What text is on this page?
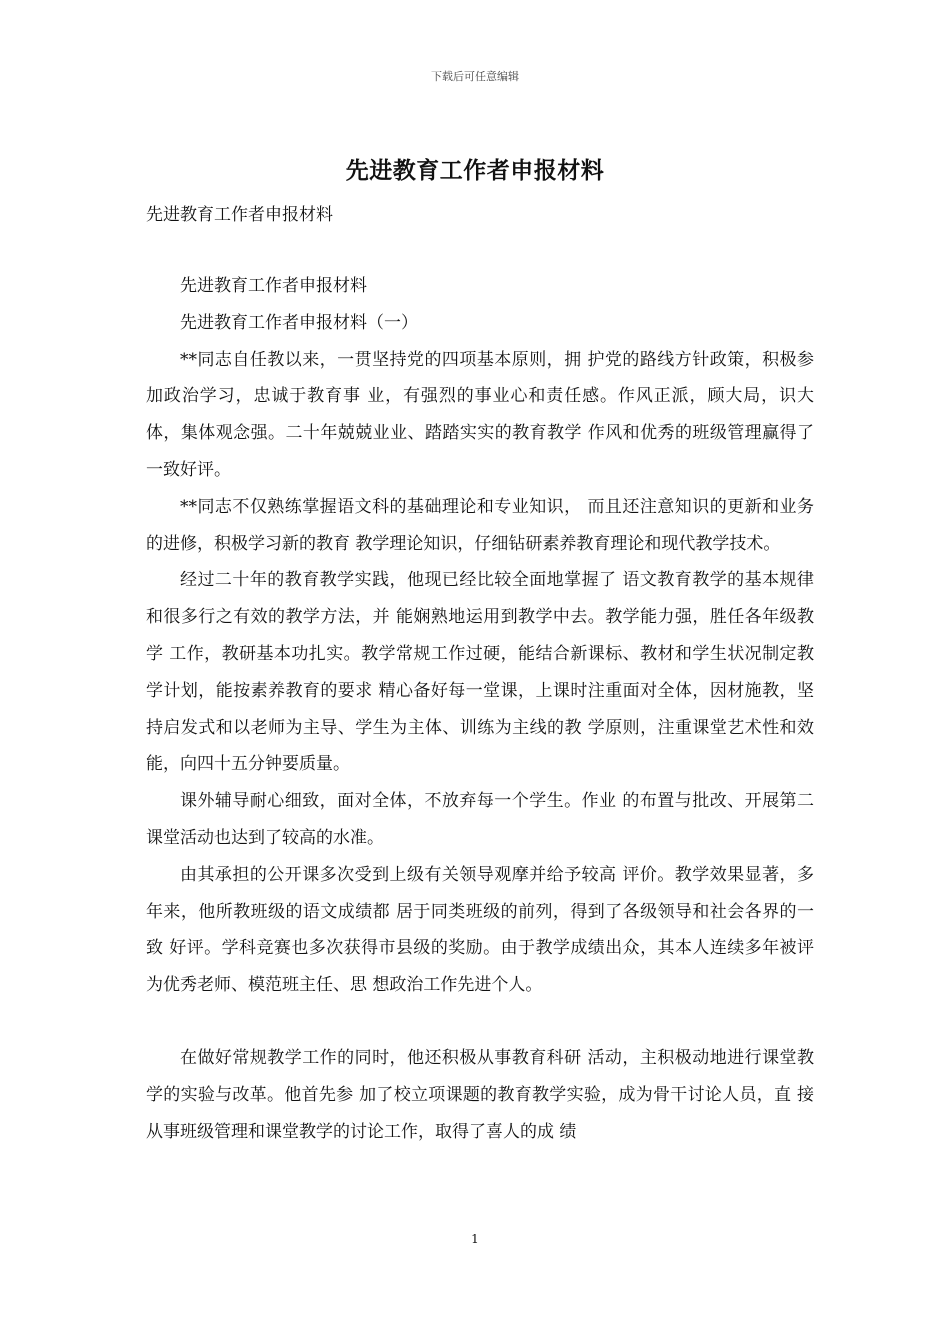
下载后可任意编辑
先进教育工作者申报材料
先进教育工作者申报材料

先进教育工作者申报材料

先进教育工作者申报材料（一）

**同志自任教以来，一贯坚持党的四项基本原则，拥 护党的路线方针政策，积极参加政治学习，忠诚于教育事 业，有强烈的事业心和责任感。作风正派，顾大局，识大 体，集体观念强。二十年兢兢业业、踏踏实实的教育教学 作风和优秀的班级管理赢得了一致好评。

**同志不仅熟练掌握语文科的基础理论和专业知识， 而且还注意知识的更新和业务的进修，积极学习新的教育 教学理论知识，仔细钻研素养教育理论和现代教学技术。

经过二十年的教育教学实践，他现已经比较全面地掌握了 语文教育教学的基本规律和很多行之有效的教学方法，并 能娴熟地运用到教学中去。教学能力强，胜任各年级教学 工作，教研基本功扎实。教学常规工作过硬，能结合新课标、教材和学生状况制定教学计划，能按素养教育的要求 精心备好每一堂课，上课时注重面对全体，因材施教，坚 持启发式和以老师为主导、学生为主体、训练为主线的教 学原则，注重课堂艺术性和效能，向四十五分钟要质量。

课外辅导耐心细致，面对全体，不放弃每一个学生。作业 的布置与批改、开展第二课堂活动也达到了较高的水准。

由其承担的公开课多次受到上级有关领导观摩并给予较高 评价。教学效果显著，多年来，他所教班级的语文成绩都 居于同类班级的前列，得到了各级领导和社会各界的一致 好评。学科竞赛也多次获得市县级的奖励。由于教学成绩出众，其本人连续多年被评为优秀老师、模范班主任、思 想政治工作先进个人。

在做好常规教学工作的同时，他还积极从事教育科研 活动，主积极动地进行课堂教学的实验与改革。他首先参 加了校立项课题的教育教学实验，成为骨干讨论人员，直 接从事班级管理和课堂教学的讨论工作，取得了喜人的成 绩

1
